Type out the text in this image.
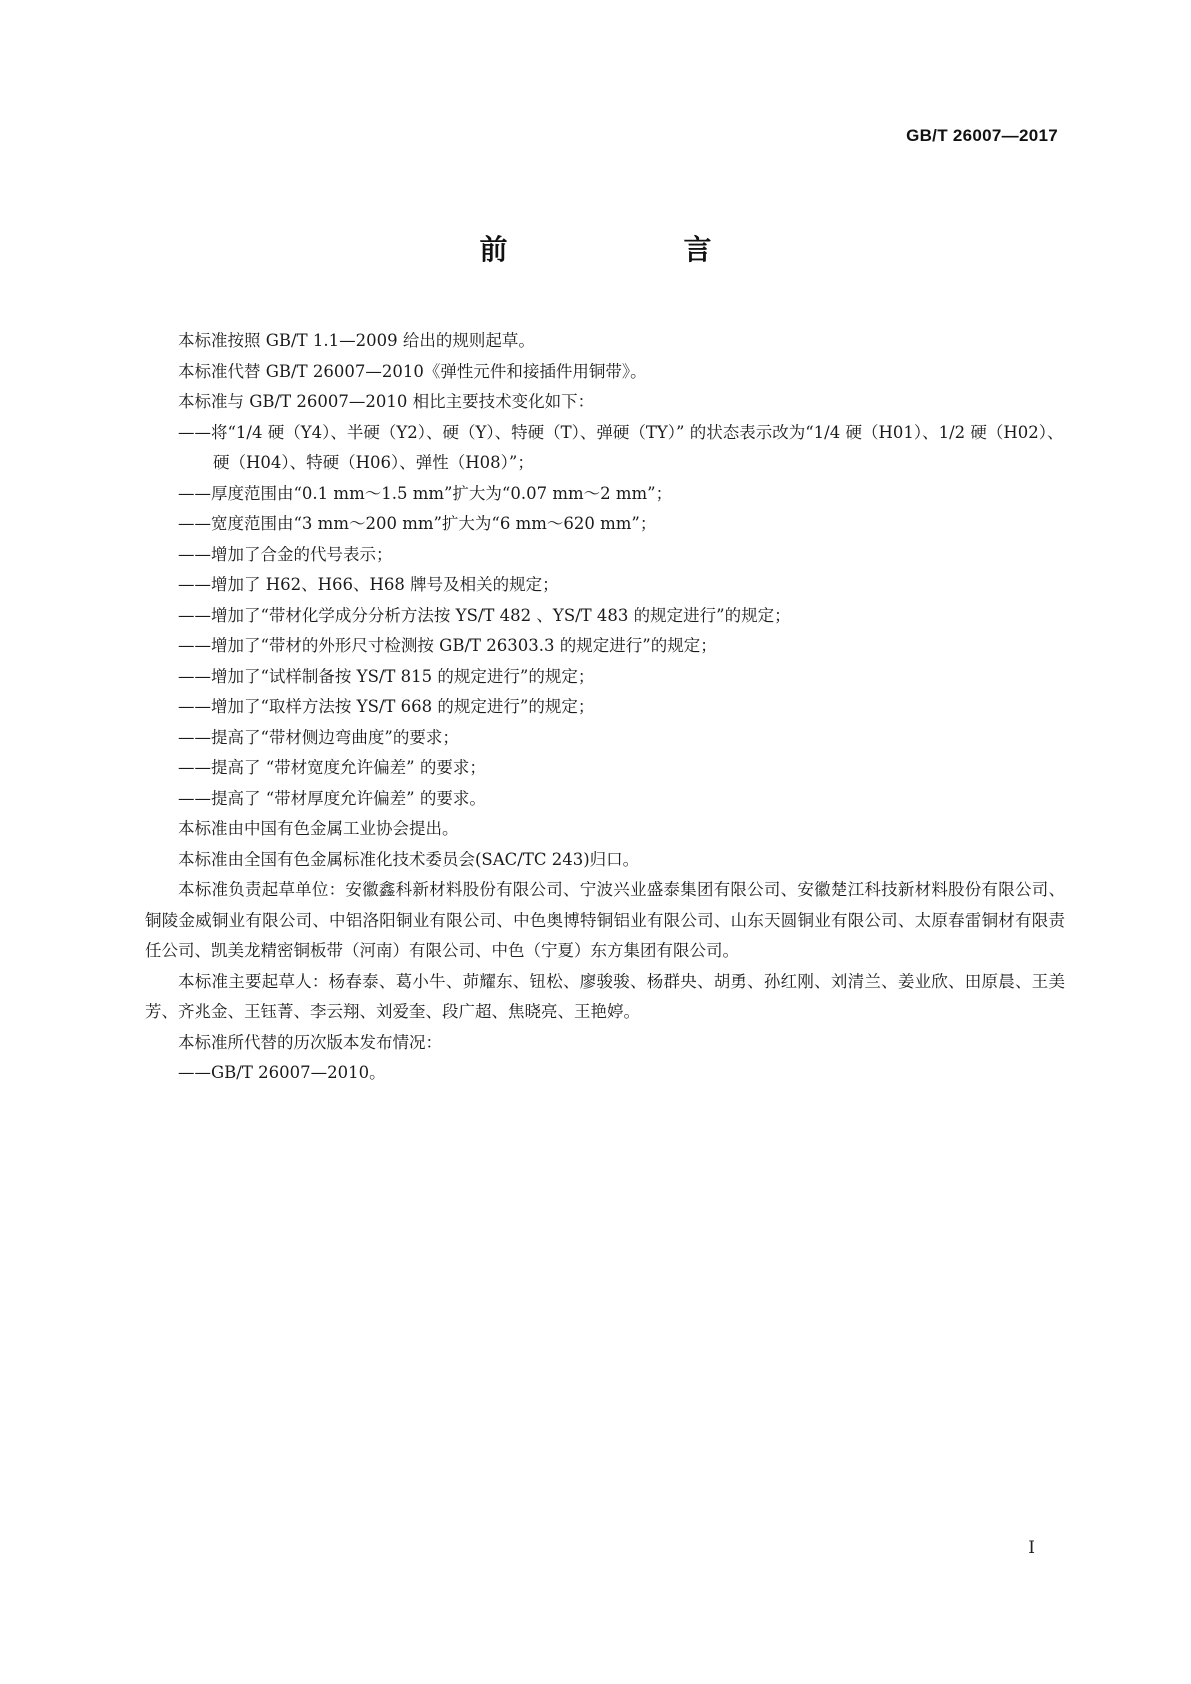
GB/T 26007—2017
前　　言

本标准按照 GB/T 1.1—2009 给出的规则起草。

本标准代替 GB/T 26007—2010《弹性元件和接插件用铜带》。

本标准与 GB/T 26007—2010 相比主要技术变化如下：

——将“1/4 硬（Y4）、半硬（Y2）、硬（Y）、特硬（T）、弹硬（TY）” 的状态表示改为“1/4 硬（H01）、1/2 硬（H02）、硬（H04）、特硬（H06）、弹性（H08）”；

——厚度范围由“0.1 mm～1.5 mm”扩大为“0.07 mm～2 mm”；

——宽度范围由“3 mm～200 mm”扩大为“6 mm～620 mm”；

——增加了合金的代号表示；

——增加了 H62、H66、H68 牌号及相关的规定；

——增加了“带材化学成分分析方法按 YS/T 482 、YS/T 483 的规定进行”的规定；

——增加了“带材的外形尺寸检测按 GB/T 26303.3 的规定进行”的规定；

——增加了“试样制备按 YS/T 815 的规定进行”的规定；

——增加了“取样方法按 YS/T 668 的规定进行”的规定；

——提高了“带材侧边弯曲度”的要求；

——提高了 “带材宽度允许偏差” 的要求；

——提高了 “带材厚度允许偏差” 的要求。

本标准由中国有色金属工业协会提出。

本标准由全国有色金属标准化技术委员会(SAC/TC 243)归口。

本标准负责起草单位：安徽鑫科新材料股份有限公司、宁波兴业盛泰集团有限公司、安徽楚江科技新材料股份有限公司、铜陵金威铜业有限公司、中铝洛阳铜业有限公司、中色奥博特铜铝业有限公司、山东天圆铜业有限公司、太原春雷铜材有限责任公司、凯美龙精密铜板带（河南）有限公司、中色（宁夏）东方集团有限公司。

本标准主要起草人：杨春泰、葛小牛、茆耀东、钮松、廖骏骏、杨群央、胡勇、孙红刚、刘清兰、姜业欣、田原晨、王美芳、齐兆金、王钰菁、李云翔、刘爱奎、段广超、焦晓亮、王艳婷。

本标准所代替的历次版本发布情况：

——GB/T 26007—2010。

I
